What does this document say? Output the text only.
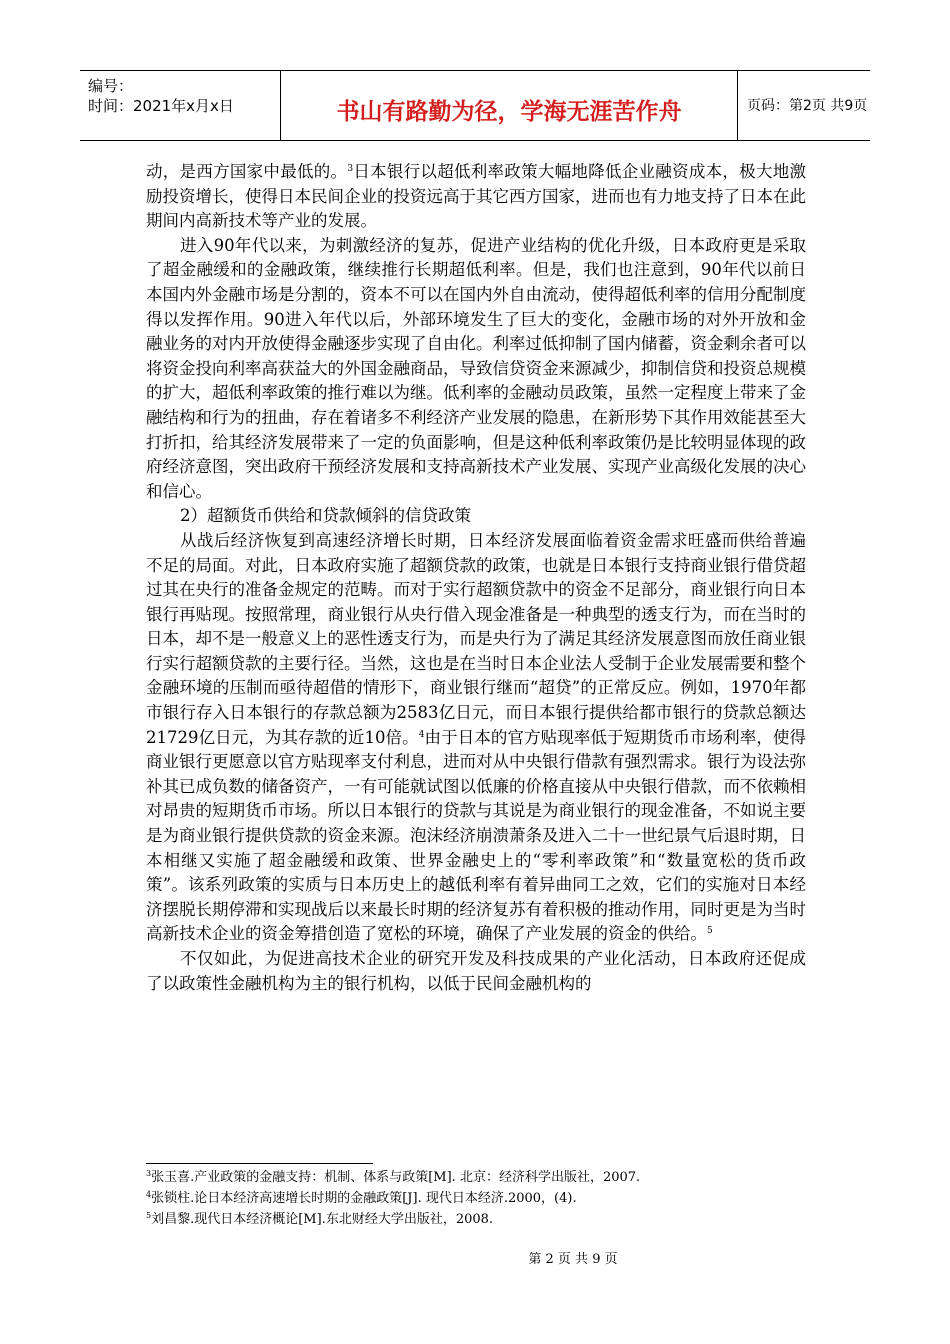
编号：
时间：2021年x月x日	书山有路勤为径，学海无涯苦作舟	页码：第2页 共9页

动，是西方国家中最低的。$^3$日本银行以超低利率政策大幅地降低企业融资成本，极大地激励投资增长，使得日本民间企业的投资远高于其它西方国家，进而也有力地支持了日本在此期间内高新技术等产业的发展。

进入90年代以来，为刺激经济的复苏，促进产业结构的优化升级，日本政府更是采取了超金融缓和的金融政策，继续推行长期超低利率。但是，我们也注意到，90年代以前日本国内外金融市场是分割的，资本不可以在国内外自由流动，使得超低利率的信用分配制度得以发挥作用。90进入年代以后，外部环境发生了巨大的变化，金融市场的对外开放和金融业务的对内开放使得金融逐步实现了自由化。利率过低抑制了国内储蓄，资金剩余者可以将资金投向利率高获益大的外国金融商品，导致信贷资金来源减少，抑制信贷和投资总规模的扩大，超低利率政策的推行难以为继。低利率的金融动员政策，虽然一定程度上带来了金融结构和行为的扭曲，存在着诸多不利经济产业发展的隐患，在新形势下其作用效能甚至大打折扣，给其经济发展带来了一定的负面影响，但是这种低利率政策仍是比较明显体现的政府经济意图，突出政府干预经济发展和支持高新技术产业发展、实现产业高级化发展的决心和信心。

2）超额货币供给和贷款倾斜的信贷政策

从战后经济恢复到高速经济增长时期，日本经济发展面临着资金需求旺盛而供给普遍不足的局面。对此，日本政府实施了超额贷款的政策，也就是日本银行支持商业银行借贷超过其在央行的准备金规定的范畴。而对于实行超额贷款中的资金不足部分，商业银行向日本银行再贴现。按照常理，商业银行从央行借入现金准备是一种典型的透支行为，而在当时的日本，却不是一般意义上的恶性透支行为，而是央行为了满足其经济发展意图而放任商业银行实行超额贷款的主要行径。当然，这也是在当时日本企业法人受制于企业发展需要和整个金融环境的压制而亟待超借的情形下，商业银行继而“超贷”的正常反应。例如，1970年都市银行存入日本银行的存款总额为2583亿日元，而日本银行提供给都市银行的贷款总额达21729亿日元，为其存款的近10倍。$^4$由于日本的官方贴现率低于短期货币市场利率，使得商业银行更愿意以官方贴现率支付利息，进而对从中央银行借款有强烈需求。银行为设法弥补其已成负数的储备资产，一有可能就试图以低廉的价格直接从中央银行借款，而不依赖相对昂贵的短期货币市场。所以日本银行的贷款与其说是为商业银行的现金准备，不如说主要是为商业银行提供贷款的资金来源。泡沫经济崩溃萧条及进入二十一世纪景气后退时期，日本相继又实施了超金融缓和政策、世界金融史上的“零利率政策”和“数量宽松的货币政策”。该系列政策的实质与日本历史上的越低利率有着异曲同工之效，它们的实施对日本经济摆脱长期停滞和实现战后以来最长时期的经济复苏有着积极的推动作用，同时更是为当时高新技术企业的资金筹措创造了宽松的环境，确保了产业发展的资金的供给。$^5$

不仅如此，为促进高技术企业的研究开发及科技成果的产业化活动，日本政府还促成了以政策性金融机构为主的银行机构，以低于民间金融机构的

$^3$张玉喜.产业政策的金融支持：机制、体系与政策[M]. 北京：经济科学出版社，2007.
$^4$张锁柱.论日本经济高速增长时期的金融政策[J]. 现代日本经济.2000，(4).
$^5$刘昌黎.现代日本经济概论[M].东北财经大学出版社，2008.
第 2 页 共 9 页
